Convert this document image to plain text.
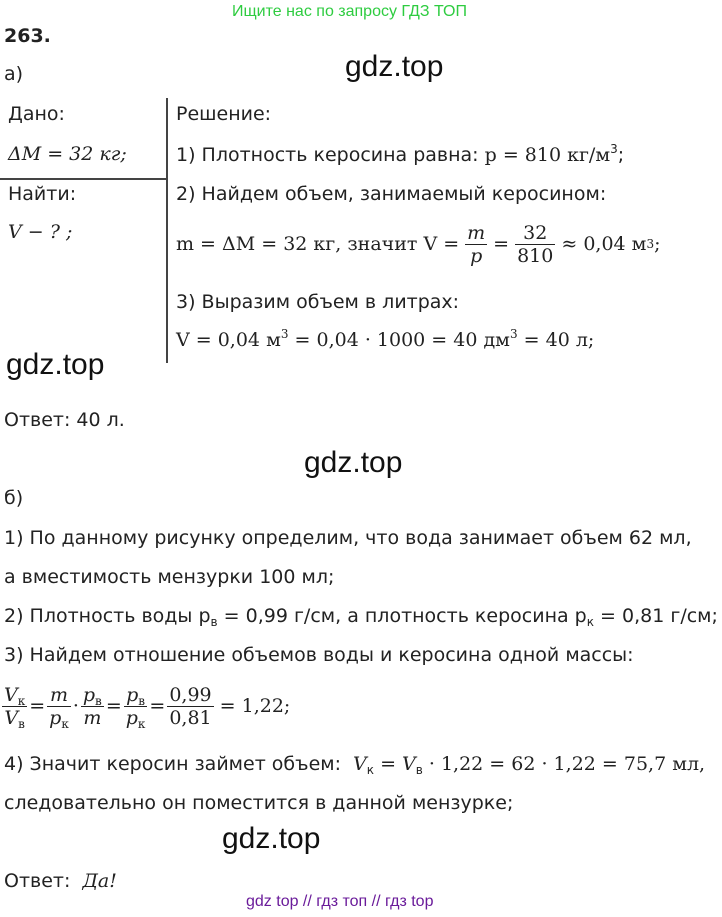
Ищите нас по запросу ГДЗ ТОП
263.
а)	gdz.top
Дано:
ΔM = 32 кг;
Найти:
V − ? ;
Решение:
1) Плотность керосина равна: p = 810 $кг/м^3$;
2) Найдем объем, занимаемый керосином:
m = ΔM = 32 кг, значит $V = \frac{m}{p} = \frac{32}{810} \approx 0,04$ м 3 ;
3) Выразим объем в литрах:
V = 0,04 $м^3 = 0,04 \cdot 1000 = 40$ $дм^3 = 40$ л;
gdz.top
Ответ: 40 л.
gdz.top
б)
1) По данному рисунку определим, что вода занимает объем 62 мл,
а вместимость мензурки 100 мл;
2) Плотность воды $p_в = 0,99$ г/см, а плотность керосина $p_к = 0,81$ г/см;
3) Найдем отношение объемов воды и керосина одной массы:
$\frac{V_к}{V_в} = \frac{m}{p_к} \cdot \frac{p_в}{m} = \frac{p_в}{p_к} = \frac{0,99}{0,81} = 1,22$;
4) Значит керосин займет объем: $V_к = V_в \cdot 1,22 = 62 \cdot 1,22 = 75,7$ мл,
следовательно он поместится в данной мензурке;
gdz.top
Ответ: Да!
gdz top // гдз топ // гдз top
